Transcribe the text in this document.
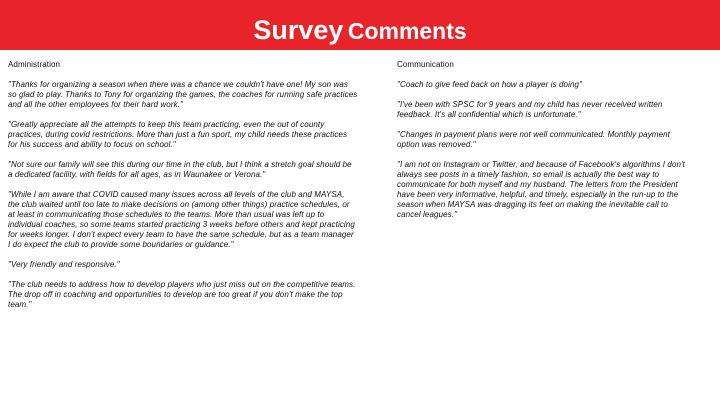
Survey Comments
Administration

"Thanks for organizing a season when there was a chance we couldn't have one! My son was so glad to play. Thanks to Tony for organizing the games, the coaches for running safe practices and all the other employees for their hard work."

"Greatly appreciate all the attempts to keep this team practicing, even the out of county practices, during covid restrictions. More than just a fun sport, my child needs these practices for his success and ability to focus on school."

"Not sure our family will see this during our time in the club, but I think a stretch goal should be a dedicated facility, with fields for all ages, as in Waunakee or Verona."

"While I am aware that COVID caused many issues across all levels of the club and MAYSA, the club waited until too late to make decisions on (among other things) practice schedules, or at least in communicating those schedules to the teams. More than usual was left up to individual coaches, so some teams started practicing 3 weeks before others and kept practicing for weeks longer. I don't expect every team to have the same schedule, but as a team manager I do expect the club to provide some boundaries or guidance."

"Very friendly and responsive."

"The club needs to address how to develop players who just miss out on the competitive teams. The drop off in coaching and opportunities to develop are too great if you don't make the top team."

Communication

"Coach to give feed back on how a player is doing"

"I've been with SPSC for 9 years and my child has never received written feedback. It's all confidential which is unfortunate."

"Changes in payment plans were not well communicated. Monthly payment option was removed."

"I am not on Instagram or Twitter, and because of Facebook's algorithms I don't always see posts in a timely fashion, so email is actually the best way to communicate for both myself and my husband. The letters from the President have been very informative, helpful, and timely, especially in the run-up to the season when MAYSA was dragging its feet on making the inevitable call to cancel leagues."
